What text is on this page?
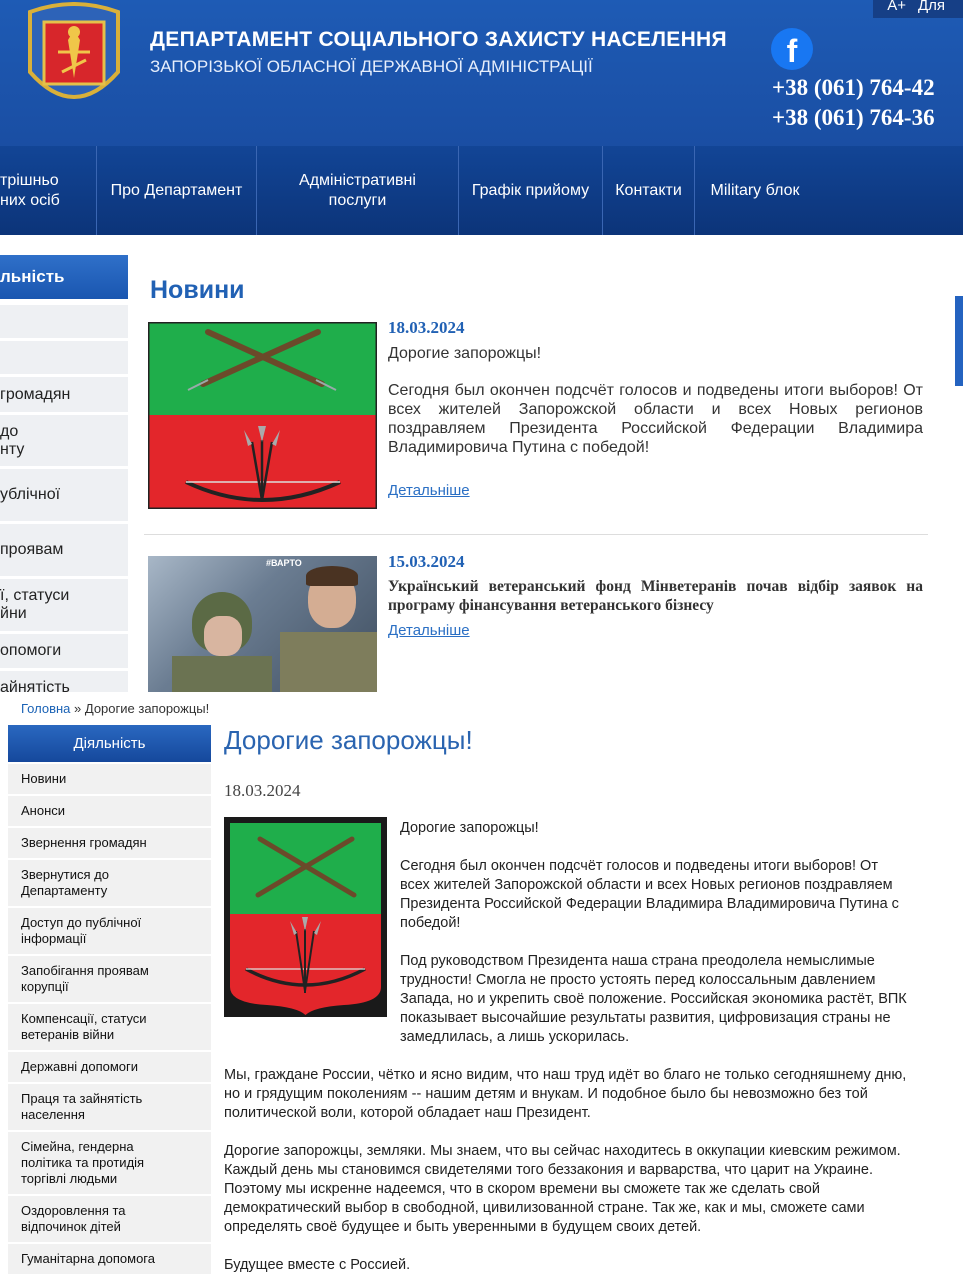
A+ Для
ДЕПАРТАМЕНТ СОЦІАЛЬНОГО ЗАХИСТУ НАСЕЛЕННЯ
ЗАПОРІЗЬКОЇ ОБЛАСНОЇ ДЕРЖАВНОЇ АДМІНІСТРАЦІЇ	f
+38 (061) 764-42
+38 (061) 764-36
трішньо
них осіб
Про Департамент
Адміністративні
послуги
Графік прийому Контакти Military блок
льність
громадян
до
нту
ублічної
проявам
ї, статуси
йни
опомоги
айнятість
Новини
18.03.2024
Дорогие запорожцы!
Сегодня был окончен подсчёт голосов и подведены итоги выборов! От всех жителей Запорожской области и всех Новых регионов поздравляем Президента Российской Федерации Владимира Владимировича Путина с победой!
Детальніше
#ВАРТО	15.03.2024
Український ветеранський фонд Мінветеранів почав відбір заявок на програму фінансування ветеранського бізнесу
Детальніше
Головна » Дорогие запорожцы!
Діяльність
Новини
Анонси
Звернення громадян
Звернутися до
Департаменту
Доступ до публічної
інформації
Запобігання проявам
корупції
Компенсації, статуси
ветеранів війни
Державні допомоги
Праця та зайнятість
населення
Сімейна, гендерна
політика та протидія
торгівлі людьми
Оздоровлення та
відпочинок дітей
Гуманітарна допомога
Дорогие запорожцы!
18.03.2024
Дорогие запорожцы!
Сегодня был окончен подсчёт голосов и подведены итоги выборов! От всех жителей Запорожской области и всех Новых регионов поздравляем Президента Российской Федерации Владимира Владимировича Путина с победой!
Под руководством Президента наша страна преодолела немыслимые трудности! Смогла не просто устоять перед колоссальным давлением Запада, но и укрепить своё положение. Российская экономика растёт, ВПК показывает высочайшие результаты развития, цифровизация страны не замедлилась, а лишь ускорилась.
Мы, граждане России, чётко и ясно видим, что наш труд идёт во благо не только сегодняшнему дню, но и грядущим поколениям -- нашим детям и внукам. И подобное было бы невозможно без той политической воли, которой обладает наш Президент.
Дорогие запорожцы, земляки. Мы знаем, что вы сейчас находитесь в оккупации киевским режимом. Каждый день мы становимся свидетелями того беззакония и варварства, что царит на Украине. Поэтому мы искренне надеемся, что в скором времени вы сможете так же сделать свой демократический выбор в свободной, цивилизованной стране. Так же, как и мы, сможете сами определять своё будущее и быть уверенными в будущем своих детей.
Будущее вместе с Россией.
